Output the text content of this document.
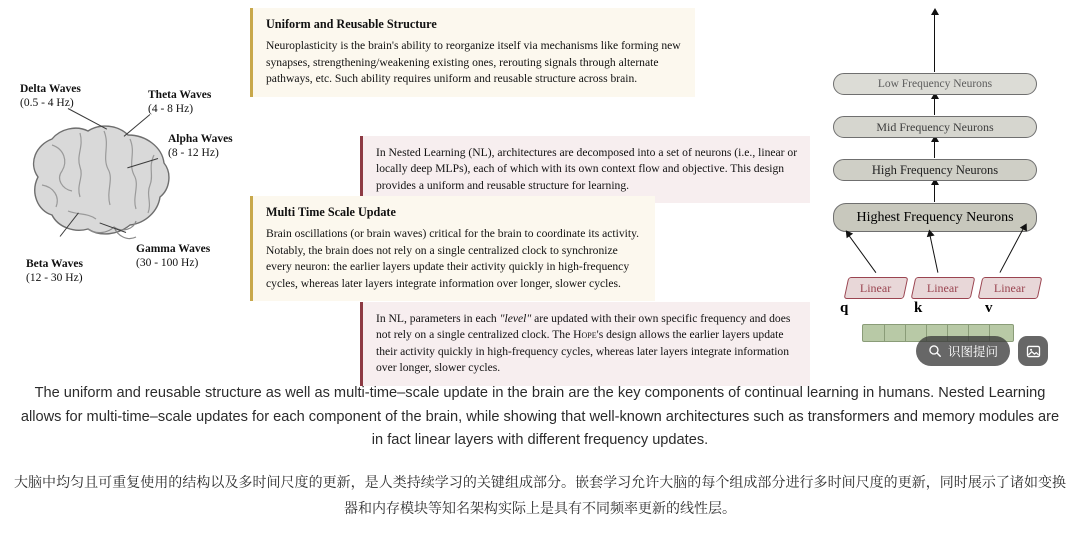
Delta Waves
(0.5 - 4 Hz)
Theta Waves
(4 - 8 Hz)
Alpha Waves
(8 - 12 Hz)
Beta Waves
(12 - 30 Hz)
Gamma Waves
(30 - 100 Hz)
Uniform and Reusable Structure

Neuroplasticity is the brain's ability to reorganize itself via mechanisms like forming new synapses, strengthening/weakening existing ones, rerouting signals through alternate pathways, etc. Such ability requires uniform and reusable structure across brain.

In Nested Learning (NL), architectures are decomposed into a set of neurons (i.e., linear or locally deep MLPs), each of which with its own context flow and objective. This design provides a uniform and reusable structure for learning.

Multi Time Scale Update

Brain oscillations (or brain waves) critical for the brain to coordinate its activity. Notably, the brain does not rely on a single centralized clock to synchronize every neuron: the earlier layers update their activity quickly in high-frequency cycles, whereas later layers integrate information over longer, slower cycles.

In NL, parameters in each "level" are updated with their own specific frequency and does not rely on a single centralized clock. The Hope's design allows the earlier layers update their activity quickly in high-frequency cycles, whereas later layers integrate information over longer, slower cycles.

Low Frequency Neurons
Mid Frequency Neurons
High Frequency Neurons
Highest Frequency Neurons
Linear	Linear	Linear
q	k	v
识图提问
The uniform and reusable structure as well as multi-time–scale update in the brain are the key components of continual learning in humans. Nested Learning allows for multi-time–scale updates for each component of the brain, while showing that well-known architectures such as transformers and memory modules are in fact linear layers with different frequency updates.
大脑中均匀且可重复使用的结构以及多时间尺度的更新，是人类持续学习的关键组成部分。嵌套学习允许大脑的每个组成部分进行多时间尺度的更新，同时展示了诸如变换器和内存模块等知名架构实际上是具有不同频率更新的线性层。
